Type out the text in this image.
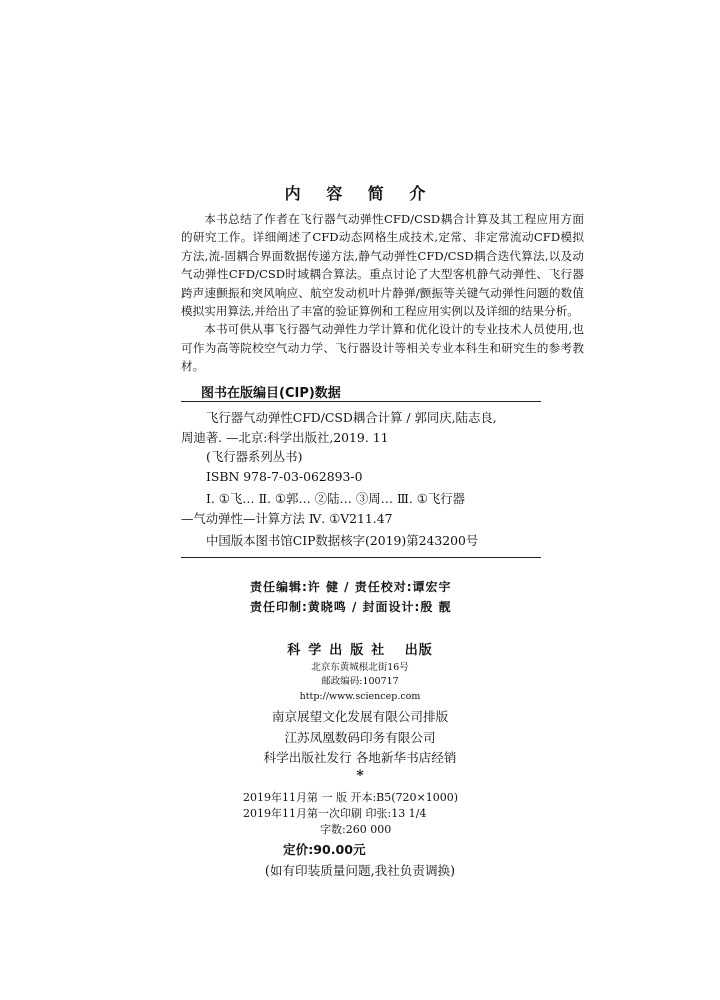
内 容 简 介

本书总结了作者在飞行器气动弹性CFD/CSD耦合计算及其工程应用方面的研究工作。详细阐述了CFD动态网格生成技术,定常、非定常流动CFD模拟方法,流-固耦合界面数据传递方法,静气动弹性CFD/CSD耦合迭代算法,以及动气动弹性CFD/CSD时域耦合算法。重点讨论了大型客机静气动弹性、飞行器跨声速颤振和突风响应、航空发动机叶片静弹/颤振等关键气动弹性问题的数值模拟实用算法,并给出了丰富的验证算例和工程应用实例以及详细的结果分析。

本书可供从事飞行器气动弹性力学计算和优化设计的专业技术人员使用,也可作为高等院校空气动力学、飞行器设计等相关专业本科生和研究生的参考教材。

图书在版编目(CIP)数据
飞行器气动弹性CFD/CSD耦合计算 / 郭同庆,陆志良,
周迪著. —北京:科学出版社,2019. 11
(飞行器系列丛书)
ISBN 978-7-03-062893-0
Ⅰ. ①飞… Ⅱ. ①郭… ②陆… ③周… Ⅲ. ①飞行器
—气动弹性—计算方法 Ⅳ. ①V211.47
中国版本图书馆CIP数据核字(2019)第243200号
责任编辑:许 健 / 责任校对:谭宏宇
责任印制:黄晓鸣 / 封面设计:殷 靓
科学出版社 出版
北京东黄城根北街16号
邮政编码:100717
http://www.sciencep.com
南京展望文化发展有限公司排版
江苏凤凰数码印务有限公司
科学出版社发行 各地新华书店经销
*
2019年11月第 一 版 开本:B5(720×1000)
2019年11月第一次印刷 印张:13 1/4
字数:260 000
定价:90.00元
(如有印装质量问题,我社负责调换)
